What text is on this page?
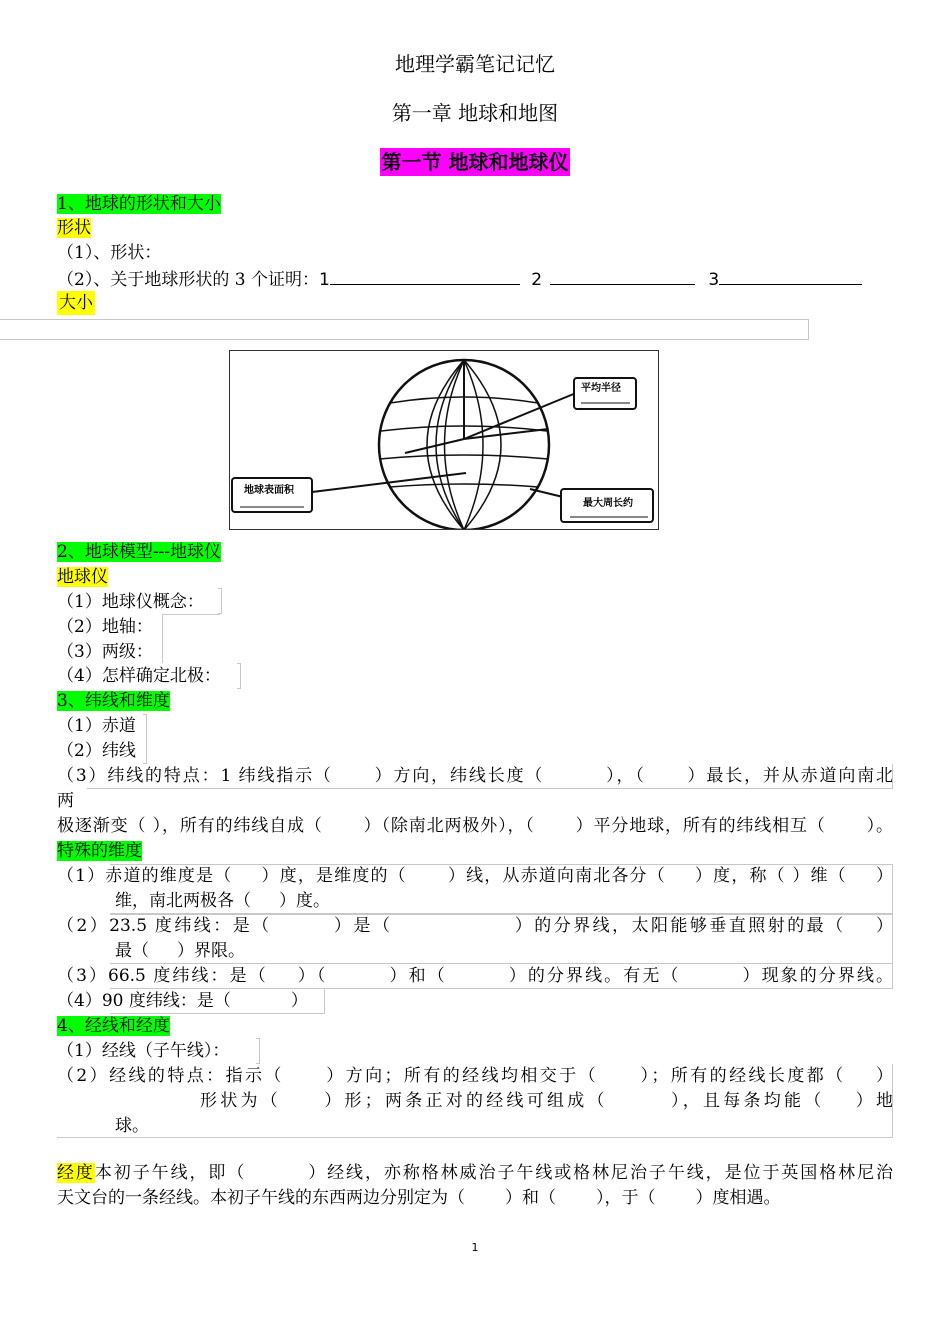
地理学霸笔记记忆
第一章 地球和地图
第一节 地球和地球仪
1、地球的形状和大小
形状
（1）、形状：
（2）、关于地球形状的 3 个证明：1	2	3
大小
平均半径
地球表面积
最大周长约
2、地球模型---地球仪
地球仪
（1）地球仪概念：
（2）地轴：
（3）两级：
（4）怎样确定北极：
3、纬线和维度
（1）赤道
（2）纬线
（3）纬线的特点：1 纬线指示（ ）方向，纬线长度（	），（ ）最长，并从赤道向南北
两
极逐渐变（ ），所有的纬线自成（ ）（除南北两极外），（ ）平分地球，所有的纬线相互（ ）。
特殊的维度
（1）赤道的维度是（ ）度，是维度的（ ）线，从赤道向南北各分（ ）度，称（ ）维（ ）
维，南北两极各（ ）度。
（2）23.5 度纬线：是（	）是（	）的分界线，太阳能够垂直照射的最（ ）
最（ ）界限。
（3）66.5 度纬线：是（ ）（	）和（	）的分界线。有无（	）现象的分界线。
（4）90 度纬线：是（	）
4、经线和经度
（1）经线（子午线）：
（2）经线的特点：指示（ ）方向；所有的经线均相交于（ ）；所有的经线长度都（ ）
形状为（ ）形；两条正对的经线可组成（	），且每条均能（ ）地
球。
经度本初子午线，即（	）经线，亦称格林威治子午线或格林尼治子午线，是位于英国格林尼治
天文台的一条经线。本初子午线的东西两边分别定为（ ）和（ ），于（ ）度相遇。
1
